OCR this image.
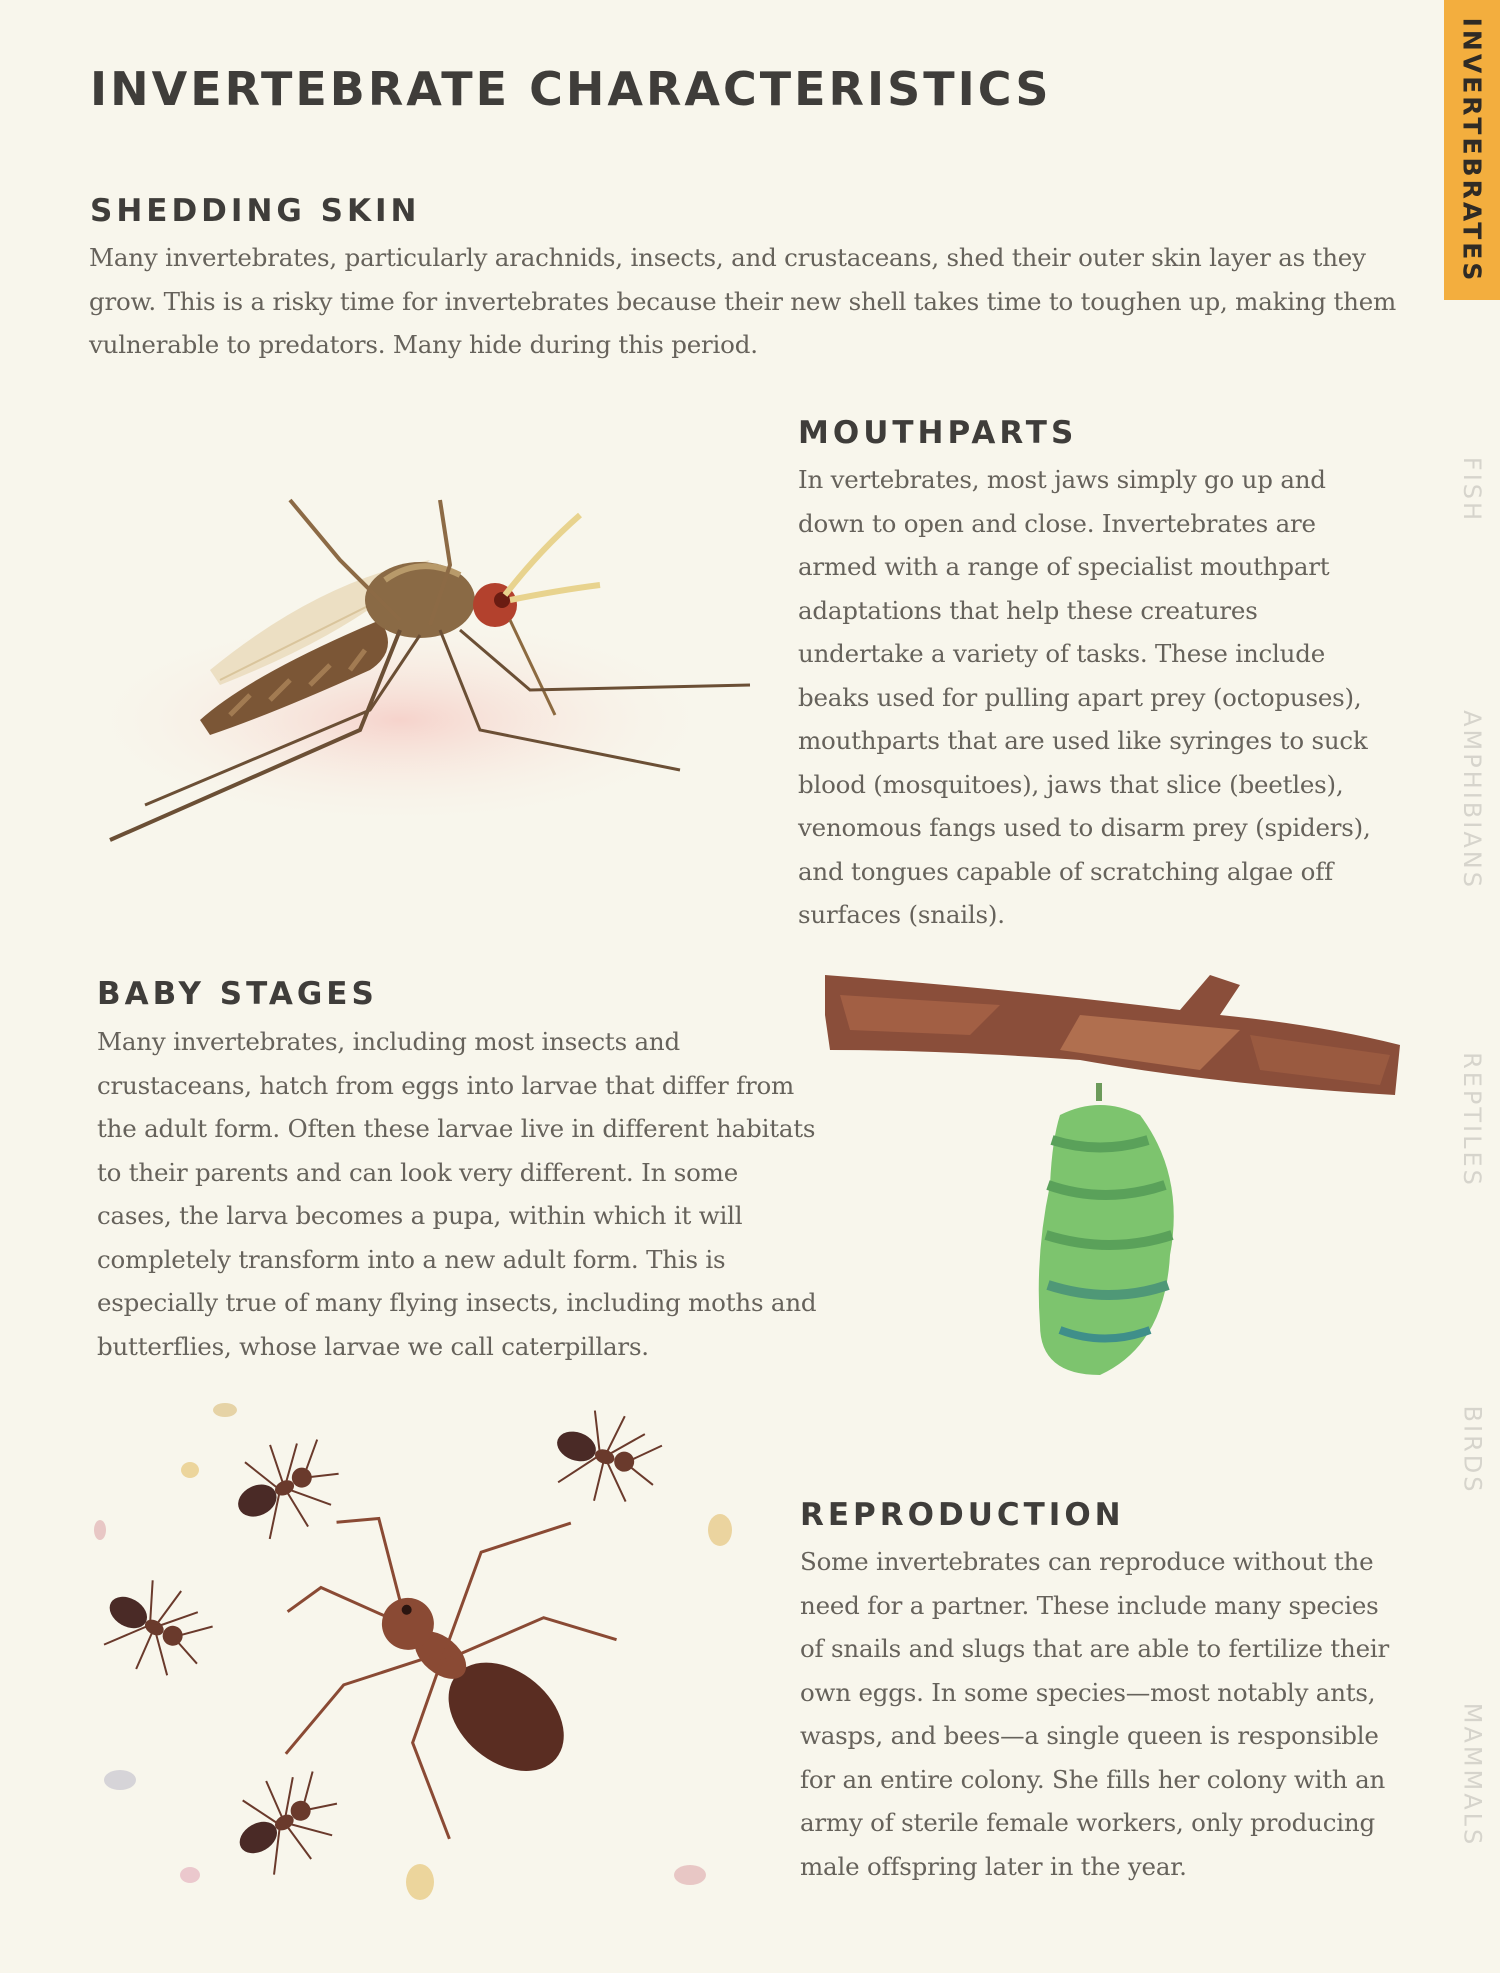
INVERTEBRATE CHARACTERISTICS
SHEDDING SKIN

Many invertebrates, particularly arachnids, insects, and crustaceans, shed their outer skin layer as they grow. This is a risky time for invertebrates because their new shell takes time to toughen up, making them vulnerable to predators. Many hide during this period.

MOUTHPARTS

In vertebrates, most jaws simply go up and down to open and close. Invertebrates are armed with a range of specialist mouthpart adaptations that help these creatures undertake a variety of tasks. These include beaks used for pulling apart prey (octopuses), mouthparts that are used like syringes to suck blood (mosquitoes), jaws that slice (beetles), venomous fangs used to disarm prey (spiders), and tongues capable of scratching algae off surfaces (snails).

BABY STAGES

Many invertebrates, including most insects and crustaceans, hatch from eggs into larvae that differ from the adult form. Often these larvae live in different habitats to their parents and can look very different. In some cases, the larva becomes a pupa, within which it will completely transform into a new adult form. This is especially true of many flying insects, including moths and butterflies, whose larvae we call caterpillars.

REPRODUCTION

Some invertebrates can reproduce without the need for a partner. These include many species of snails and slugs that are able to fertilize their own eggs. In some species—most notably ants, wasps, and bees—a single queen is responsible for an entire colony. She fills her colony with an army of sterile female workers, only producing male offspring later in the year.

INVERTEBRATES
FISH
AMPHIBIANS
REPTILES
BIRDS
MAMMALS
